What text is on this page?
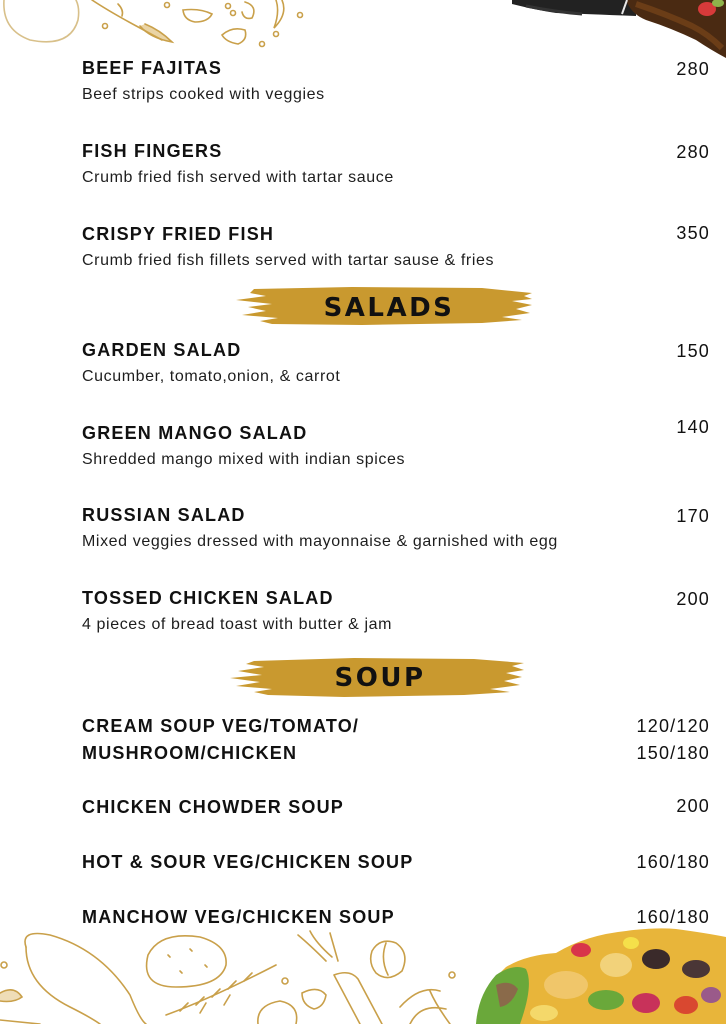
BEEF FAJITAS
Beef strips cooked with veggies
280
FISH FINGERS
Crumb fried fish served with tartar sauce
280
CRISPY FRIED FISH
Crumb fried fish fillets served with tartar sause & fries
350
SALADS
GARDEN SALAD
Cucumber, tomato,onion, & carrot
150
GREEN MANGO SALAD
Shredded mango mixed with indian spices
140
RUSSIAN SALAD
Mixed veggies dressed with mayonnaise & garnished with egg
170
TOSSED CHICKEN SALAD
4 pieces of bread toast with butter & jam
200
SOUP
CREAM SOUP VEG/TOMATO/
MUSHROOM/CHICKEN
120/120
150/180
CHICKEN CHOWDER SOUP	200
HOT & SOUR VEG/CHICKEN SOUP	160/180
MANCHOW VEG/CHICKEN SOUP	160/180
